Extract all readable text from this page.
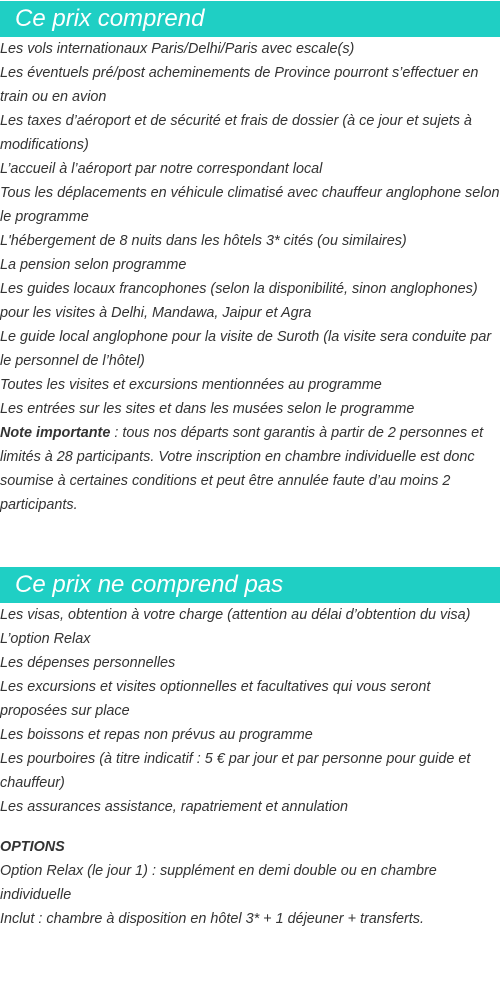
Ce prix comprend
Les vols internationaux Paris/Delhi/Paris avec escale(s)
Les éventuels pré/post acheminements de Province pourront s’effectuer en train ou en avion
Les taxes d’aéroport et de sécurité et frais de dossier (à ce jour et sujets à modifications)
L’accueil à l’aéroport par notre correspondant local
Tous les déplacements en véhicule climatisé avec chauffeur anglophone selon le programme
L'hébergement de 8 nuits dans les hôtels 3* cités (ou similaires)
La pension selon programme
Les guides locaux francophones (selon la disponibilité, sinon anglophones) pour les visites à Delhi, Mandawa, Jaipur et Agra
Le guide local anglophone pour la visite de Suroth (la visite sera conduite par le personnel de l’hôtel)
Toutes les visites et excursions mentionnées au programme
Les entrées sur les sites et dans les musées selon le programme

Note importante : tous nos départs sont garantis à partir de 2 personnes et limités à 28 participants. Votre inscription en chambre individuelle est donc soumise à certaines conditions et peut être annulée faute d’au moins 2 participants.

Ce prix ne comprend pas
Les visas, obtention à votre charge (attention au délai d’obtention du visa)
L’option Relax
Les dépenses personnelles
Les excursions et visites optionnelles et facultatives qui vous seront proposées sur place
Les boissons et repas non prévus au programme
Les pourboires (à titre indicatif : 5 € par jour et par personne pour guide et chauffeur)
Les assurances assistance, rapatriement et annulation
OPTIONS
Option Relax (le jour 1) : supplément en demi double ou en chambre individuelle
Inclut : chambre à disposition en hôtel 3* + 1 déjeuner + transferts.
